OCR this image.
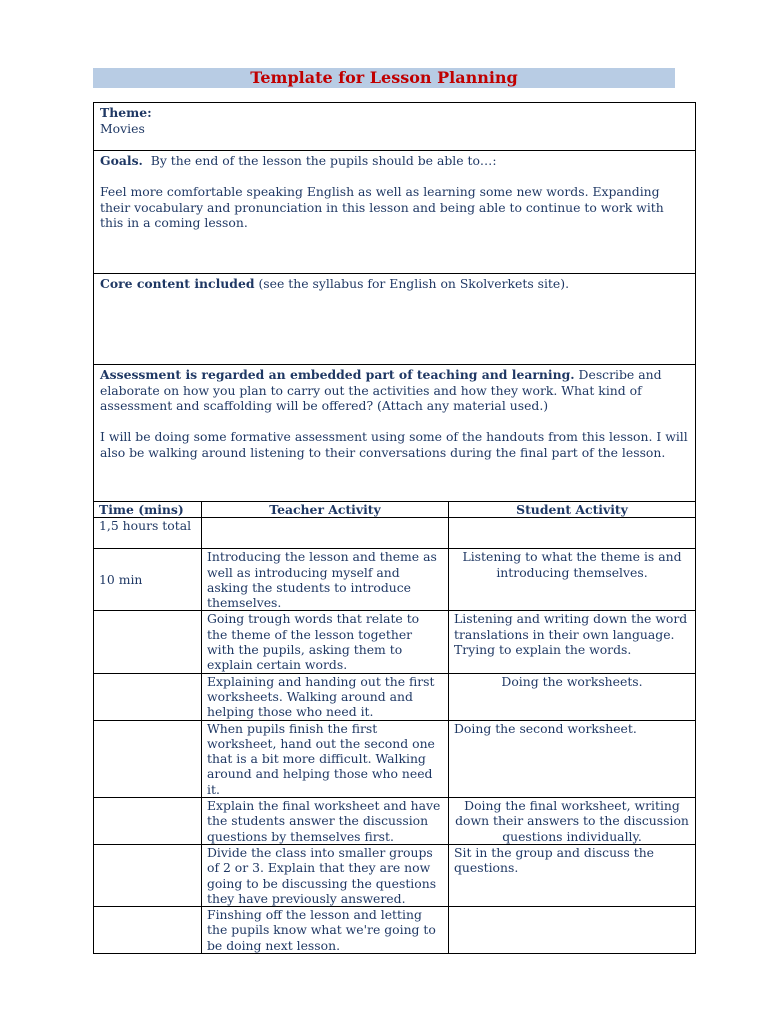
Template for Lesson Planning
Theme:
Movies

Goals. By the end of the lesson the pupils should be able to…:

Feel more comfortable speaking English as well as learning some new words. Expanding their vocabulary and pronunciation in this lesson and being able to continue to work with this in a coming lesson.

Core content included (see the syllabus for English on Skolverkets site).

Assessment is regarded an embedded part of teaching and learning. Describe and elaborate on how you plan to carry out the activities and how they work. What kind of assessment and scaffolding will be offered? (Attach any material used.)

I will be doing some formative assessment using some of the handouts from this lesson. I will also be walking around listening to their conversations during the final part of the lesson.

Time (mins)	Teacher Activity	Student Activity
1,5 hours total		
10 min	Introducing the lesson and theme as well as introducing myself and asking the students to introduce themselves.	Listening to what the theme is and introducing themselves.
	Going trough words that relate to the theme of the lesson together with the pupils, asking them to explain certain words.	Listening and writing down the word translations in their own language. Trying to explain the words.
	Explaining and handing out the first worksheets. Walking around and helping those who need it.	Doing the worksheets.
	When pupils finish the first worksheet, hand out the second one that is a bit more difficult. Walking around and helping those who need it.	Doing the second worksheet.
	Explain the final worksheet and have the students answer the discussion questions by themselves first.	Doing the final worksheet, writing down their answers to the discussion questions individually.
	Divide the class into smaller groups of 2 or 3. Explain that they are now going to be discussing the questions they have previously answered.	Sit in the group and discuss the questions.
	Finshing off the lesson and letting the pupils know what we're going to be doing next lesson.	
